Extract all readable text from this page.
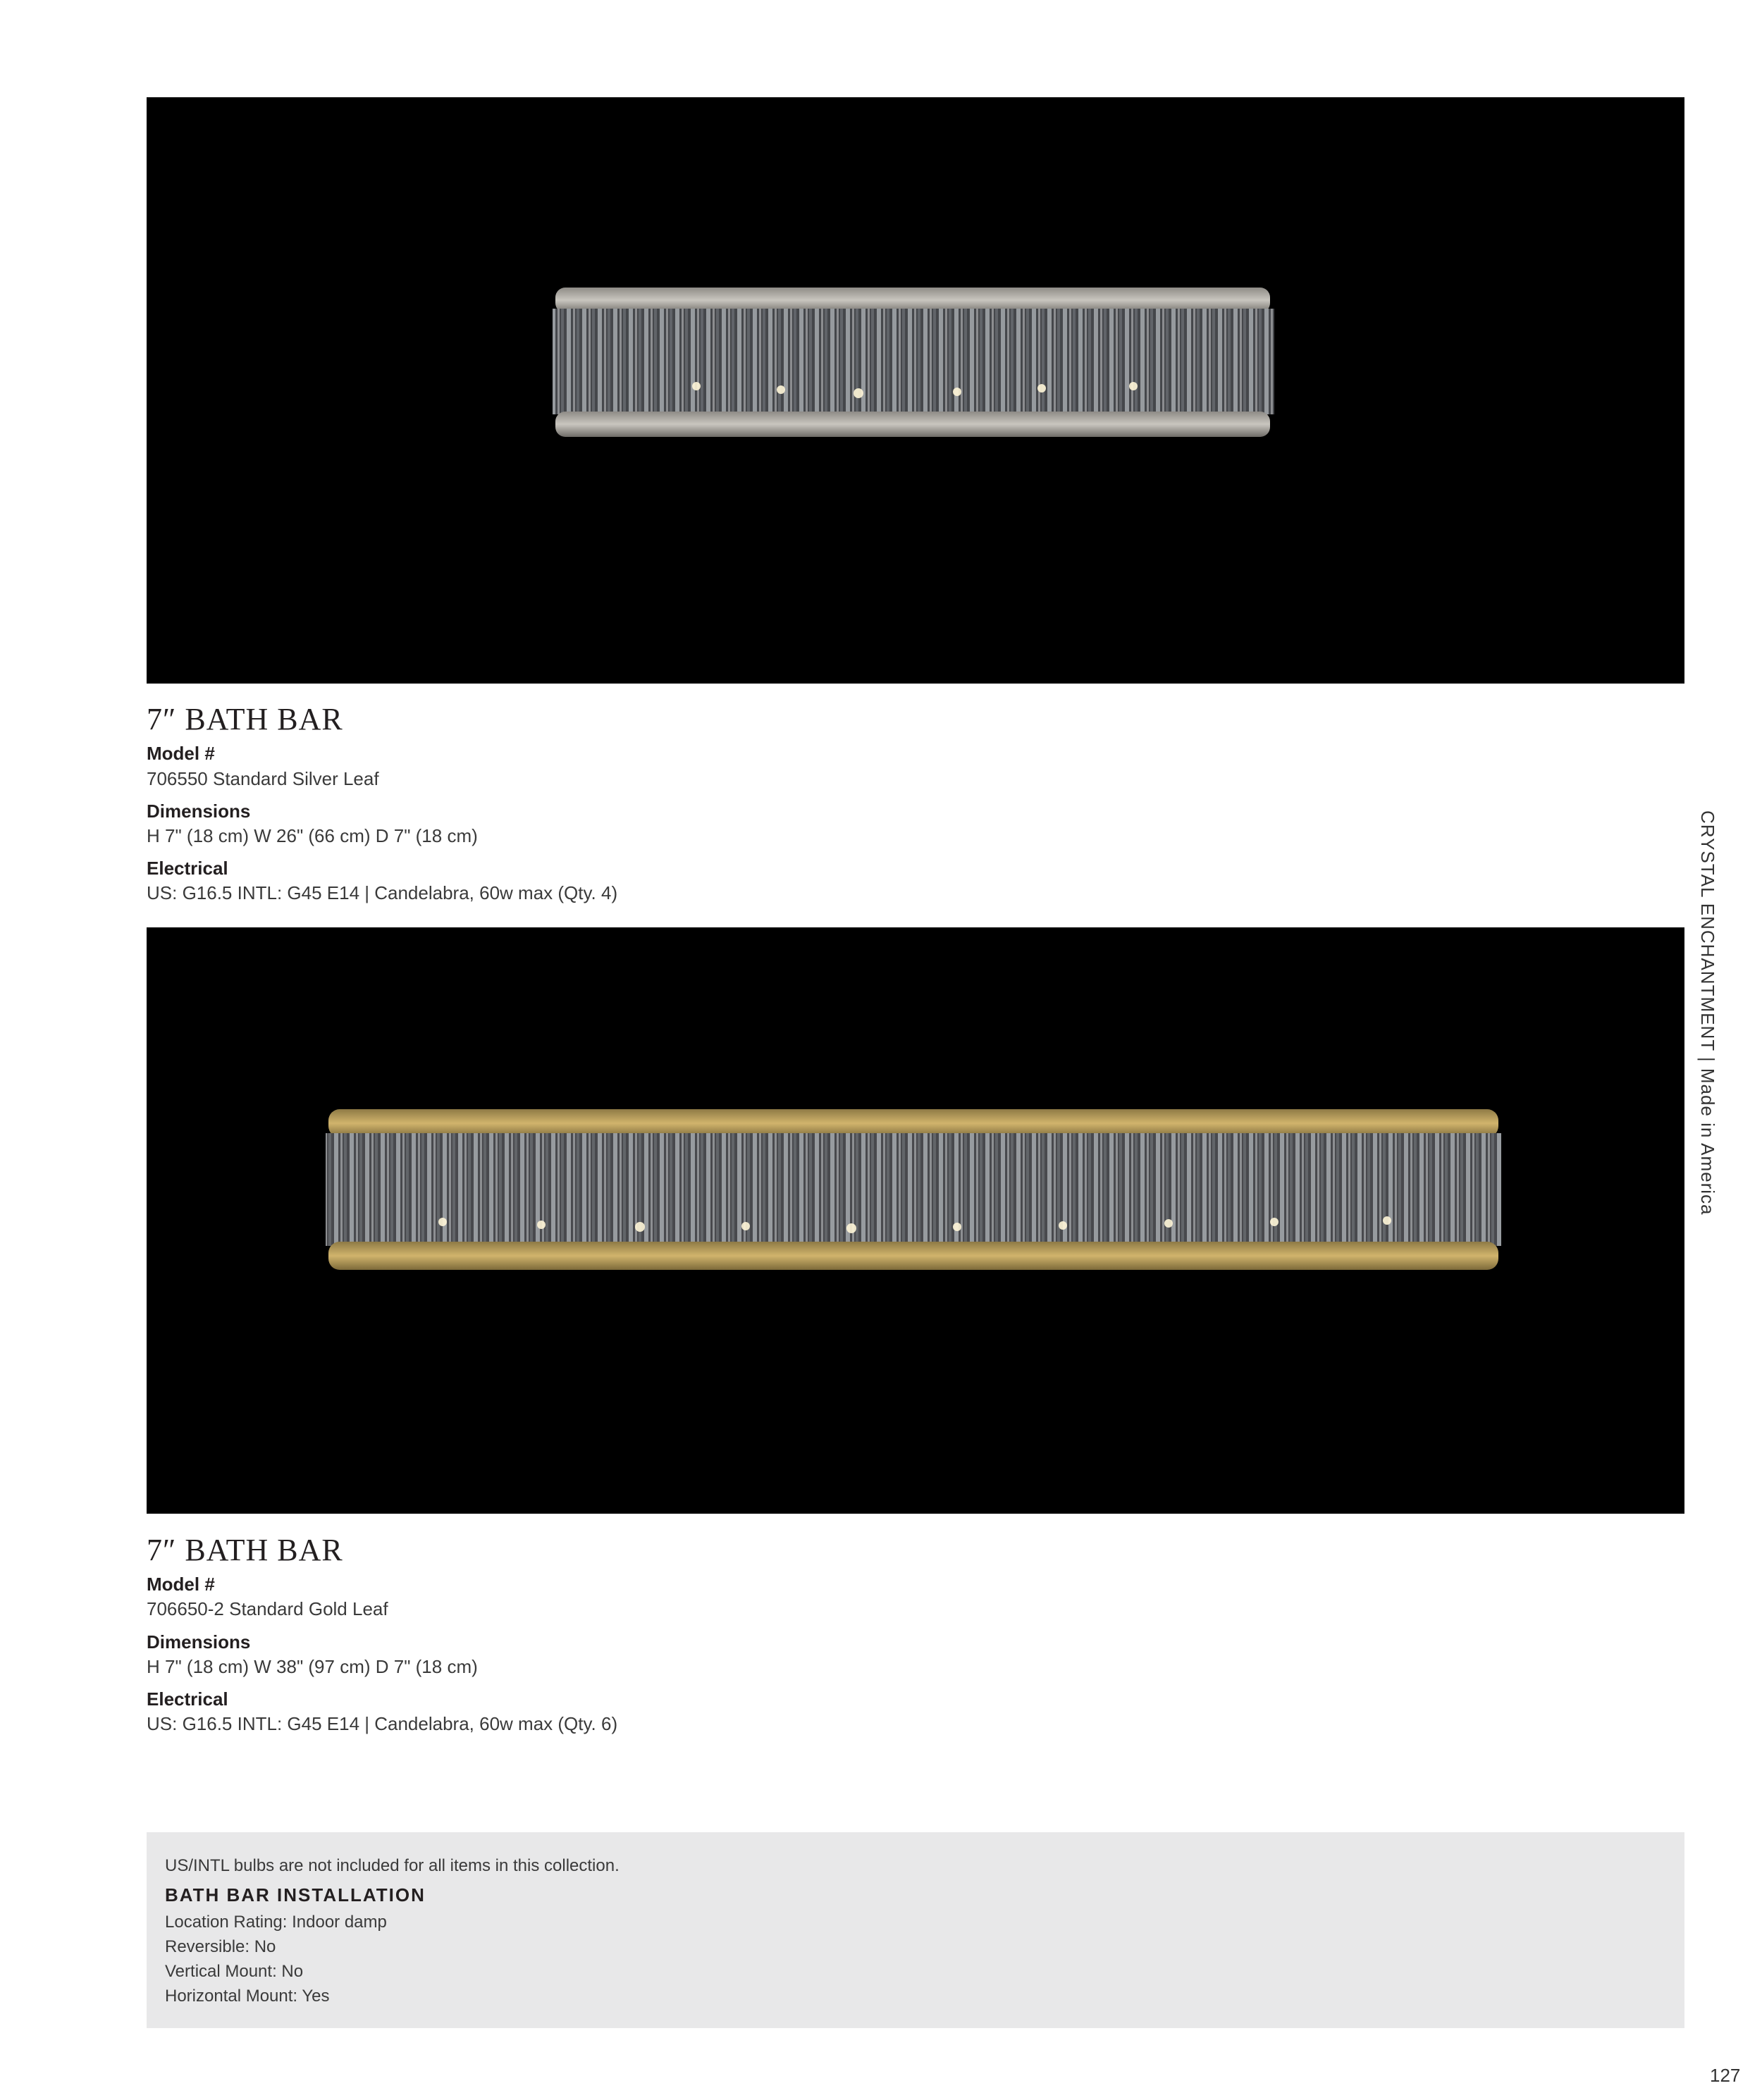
7″ BATH BAR
Model #
706550 Standard Silver Leaf
Dimensions
H 7" (18 cm) W 26" (66 cm) D 7" (18 cm)
Electrical
US: G16.5 INTL: G45 E14 | Candelabra, 60w max (Qty. 4)
7″ BATH BAR
Model #
706650-2 Standard Gold Leaf
Dimensions
H 7" (18 cm) W 38" (97 cm) D 7" (18 cm)
Electrical
US: G16.5 INTL: G45 E14 | Candelabra, 60w max (Qty. 6)
CRYSTAL ENCHANTMENT | Made in America
US/INTL bulbs are not included for all items in this collection.
BATH BAR INSTALLATION
Location Rating: Indoor damp
Reversible: No
Vertical Mount: No
Horizontal Mount: Yes
127
